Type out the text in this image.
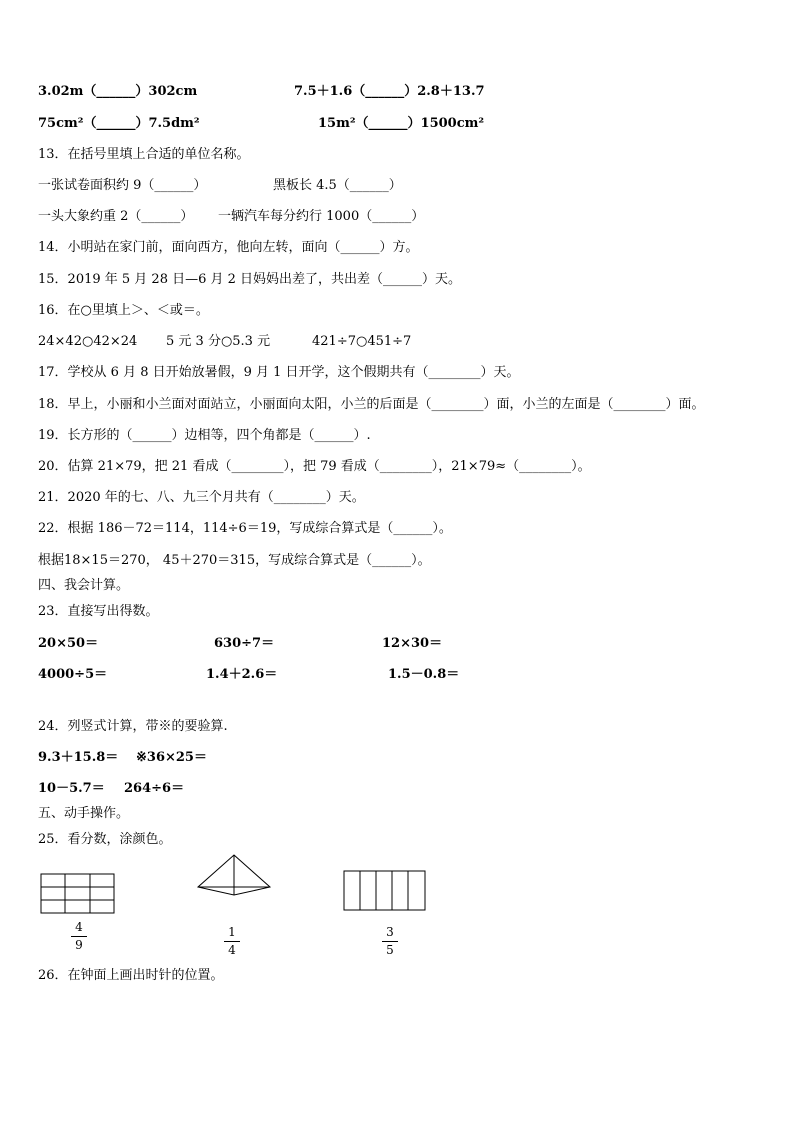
3.02m（______）302cm	7.5＋1.6（______）2.8＋13.7
75cm²（______）7.5dm²	15m²（______）1500cm²
13．在括号里填上合适的单位名称。
一张试卷面积约 9（______）	黑板长 4.5（______）
一头大象约重 2（______） 一辆汽车每分约行 1000（______）
14．小明站在家门前，面向西方，他向左转，面向（______）方。
15．2019 年 5 月 28 日—6 月 2 日妈妈出差了，共出差（______）天。
16．在○里填上＞、＜或＝。
24×42○42×24 5 元 3 分○5.3 元	421÷7○451÷7
17．学校从 6 月 8 日开始放暑假，9 月 1 日开学，这个假期共有（________）天。
18．早上，小丽和小兰面对面站立，小丽面向太阳，小兰的后面是（________）面，小兰的左面是（________）面。
19．长方形的（______）边相等，四个角都是（______）.
20．估算 21×79，把 21 看成（________），把 79 看成（________），21×79≈（________）。
21．2020 年的七、八、九三个月共有（________）天。
22．根据 186－72＝114，114÷6＝19，写成综合算式是（______）。
根据18×15＝270， 45＋270＝315，写成综合算式是（______）。
四、我会计算。
23．直接写出得数。
20×50＝	630÷7＝	12×30＝
4000÷5＝	1.4＋2.6＝	1.5－0.8＝
24．列竖式计算，带※的要验算.
9.3＋15.8＝ ※36×25＝
10－5.7＝ 264÷6＝
五、动手操作。
25．看分数，涂颜色。
26．在钟面上画出时针的位置。
4
9
1
4
3
5
